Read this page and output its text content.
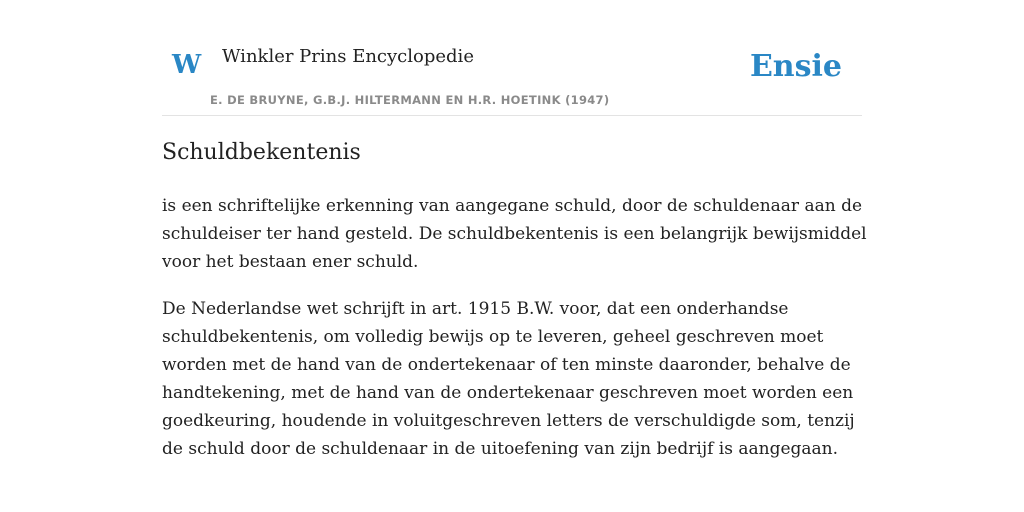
W Winkler Prins Encyclopedie
E. DE BRUYNE, G.B.J. HILTERMANN EN H.R. HOETINK (1947)
Ensie
Schuldbekentenis

is een schriftelijke erkenning van aangegane schuld, door de schuldenaar aan de schuldeiser ter hand gesteld. De schuldbekentenis is een belangrijk bewijsmiddel voor het bestaan ener schuld.

De Nederlandse wet schrijft in art. 1915 B.W. voor, dat een onderhandse schuldbekentenis, om volledig bewijs op te leveren, geheel geschreven moet worden met de hand van de ondertekenaar of ten minste daaronder, behalve de handtekening, met de hand van de ondertekenaar geschreven moet worden een goedkeuring, houdende in voluitgeschreven letters de verschuldigde som, tenzij de schuld door de schuldenaar in de uitoefening van zijn bedrijf is aangegaan.
